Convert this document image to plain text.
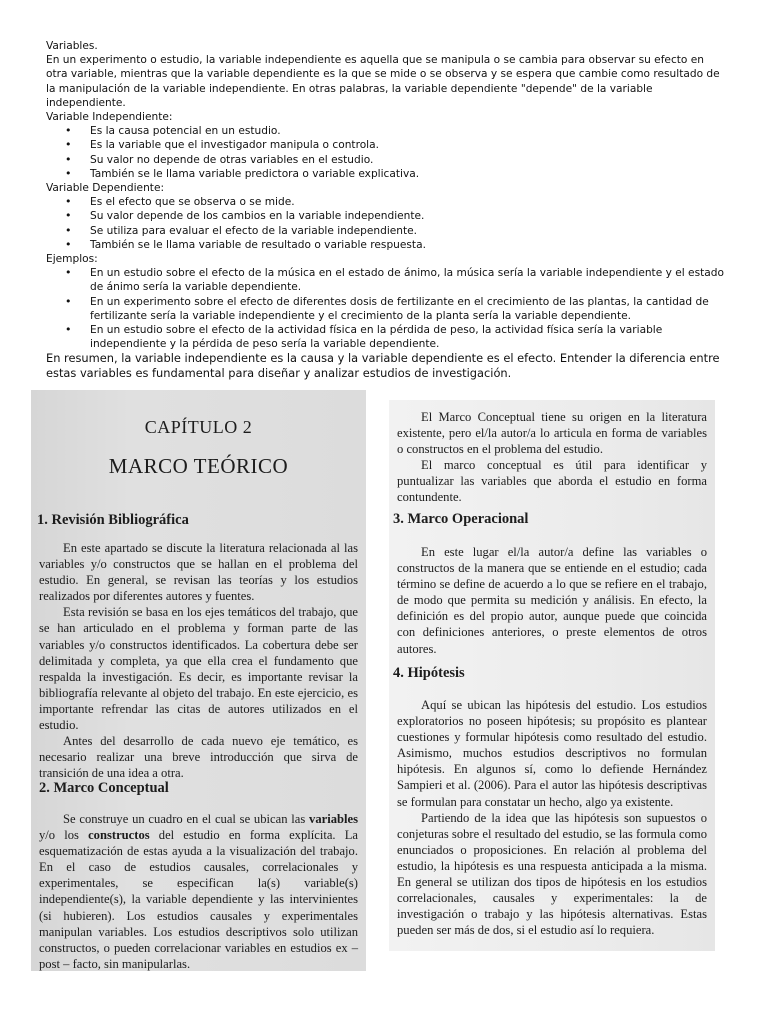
Variables.

En un experimento o estudio, la variable independiente es aquella que se manipula o se cambia para observar su efecto en otra variable, mientras que la variable dependiente es la que se mide o se observa y se espera que cambie como resultado de la manipulación de la variable independiente. En otras palabras, la variable dependiente "depende" de la variable independiente.

Variable Independiente:

• Es la causa potencial en un estudio.
• Es la variable que el investigador manipula o controla.
• Su valor no depende de otras variables en el estudio.
• También se le llama variable predictora o variable explicativa.

Variable Dependiente:

• Es el efecto que se observa o se mide.
• Su valor depende de los cambios en la variable independiente.
• Se utiliza para evaluar el efecto de la variable independiente.
• También se le llama variable de resultado o variable respuesta.

Ejemplos:

• En un estudio sobre el efecto de la música en el estado de ánimo, la música sería la variable independiente y el estado de ánimo sería la variable dependiente.
• En un experimento sobre el efecto de diferentes dosis de fertilizante en el crecimiento de las plantas, la cantidad de fertilizante sería la variable independiente y el crecimiento de la planta sería la variable dependiente.
• En un estudio sobre el efecto de la actividad física en la pérdida de peso, la actividad física sería la variable independiente y la pérdida de peso sería la variable dependiente.

En resumen, la variable independiente es la causa y la variable dependiente es el efecto. Entender la diferencia entre estas variables es fundamental para diseñar y analizar estudios de investigación.

CAPÍTULO 2
MARCO TEÓRICO
1. Revisión Bibliográfica

En este apartado se discute la literatura relacionada al las variables y/o constructos que se hallan en el problema del estudio. En general, se revisan las teorías y los estudios realizados por diferentes autores y fuentes.

Esta revisión se basa en los ejes temáticos del trabajo, que se han articulado en el problema y forman parte de las variables y/o constructos identificados. La cobertura debe ser delimitada y completa, ya que ella crea el fundamento que respalda la investigación. Es decir, es importante revisar la bibliografía relevante al objeto del trabajo. En este ejercicio, es importante refrendar las citas de autores utilizados en el estudio.

Antes del desarrollo de cada nuevo eje temático, es necesario realizar una breve introducción que sirva de transición de una idea a otra.

2. Marco Conceptual

Se construye un cuadro en el cual se ubican las variables y/o los constructos del estudio en forma explícita. La esquematización de estas ayuda a la visualización del trabajo. En el caso de estudios causales, correlacionales y experimentales, se especifican la(s) variable(s) independiente(s), la variable dependiente y las intervinientes (si hubieren). Los estudios causales y experimentales manipulan variables. Los estudios descriptivos solo utilizan constructos, o pueden correlacionar variables en estudios ex – post – facto, sin manipularlas.

El Marco Conceptual tiene su origen en la literatura existente, pero el/la autor/a lo articula en forma de variables o constructos en el problema del estudio.

El marco conceptual es útil para identificar y puntualizar las variables que aborda el estudio en forma contundente.

3. Marco Operacional

En este lugar el/la autor/a define las variables o constructos de la manera que se entiende en el estudio; cada término se define de acuerdo a lo que se refiere en el trabajo, de modo que permita su medición y análisis. En efecto, la definición es del propio autor, aunque puede que coincida con definiciones anteriores, o preste elementos de otros autores.

4. Hipótesis

Aquí se ubican las hipótesis del estudio. Los estudios exploratorios no poseen hipótesis; su propósito es plantear cuestiones y formular hipótesis como resultado del estudio. Asimismo, muchos estudios descriptivos no formulan hipótesis. En algunos sí, como lo defiende Hernández Sampieri et al. (2006). Para el autor las hipótesis descriptivas se formulan para constatar un hecho, algo ya existente.

Partiendo de la idea que las hipótesis son supuestos o conjeturas sobre el resultado del estudio, se las formula como enunciados o proposiciones. En relación al problema del estudio, la hipótesis es una respuesta anticipada a la misma. En general se utilizan dos tipos de hipótesis en los estudios correlacionales, causales y experimentales: la de investigación o trabajo y las hipótesis alternativas. Estas pueden ser más de dos, si el estudio así lo requiera.
